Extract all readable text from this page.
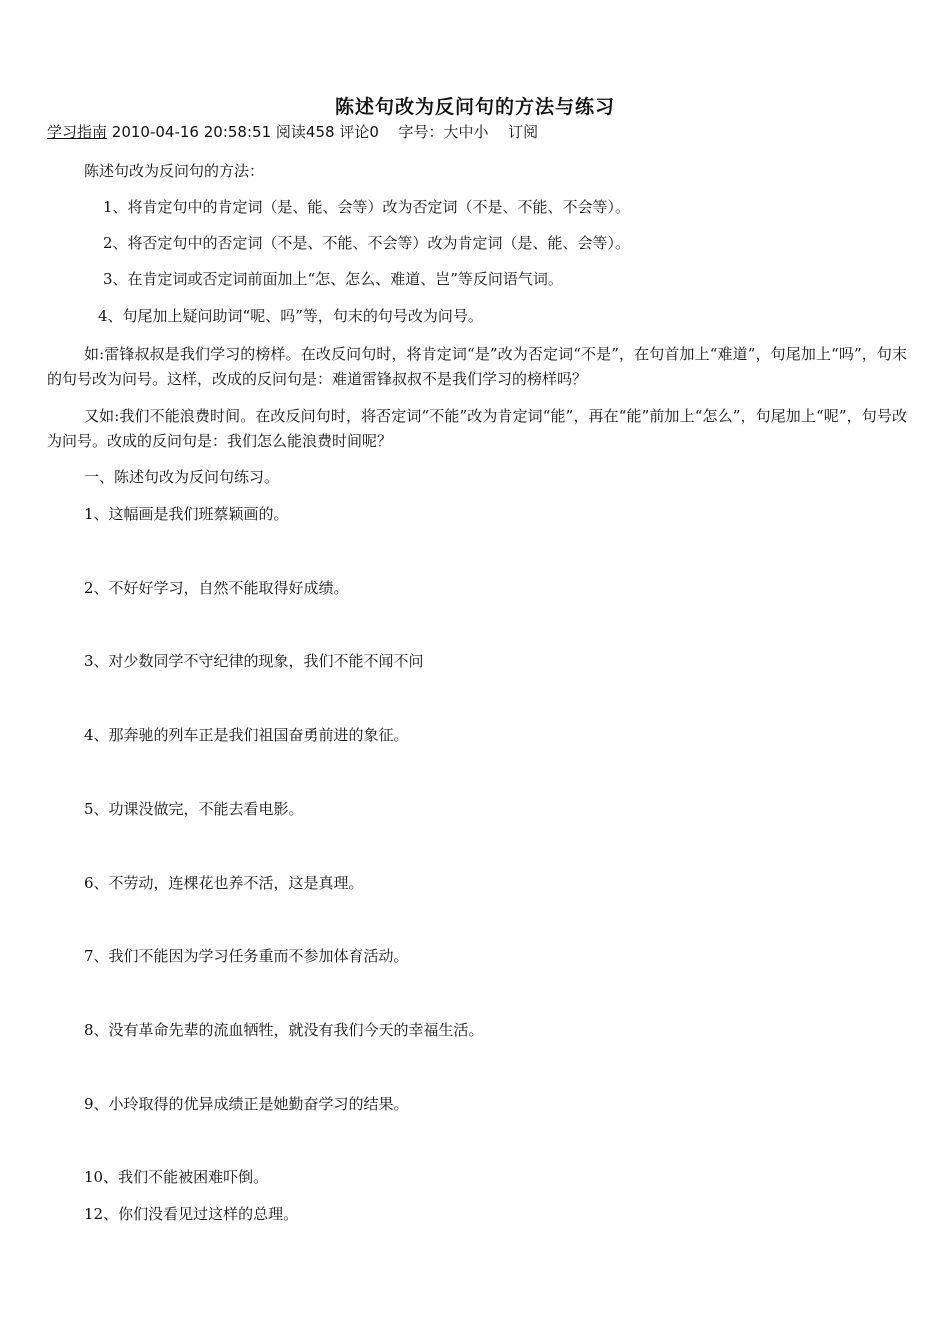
陈述句改为反问句的方法与练习
学习指南 2010-04-16 20:58:51 阅读458 评论0 字号：大中小 订阅
陈述句改为反问句的方法：
1、将肯定句中的肯定词（是、能、会等）改为否定词（不是、不能、不会等）。
2、将否定句中的否定词（不是、不能、不会等）改为肯定词（是、能、会等）。
3、在肯定词或否定词前面加上“怎、怎么、难道、岂”等反问语气词。
4、句尾加上疑问助词“呢、吗”等，句末的句号改为问号。

如:雷锋叔叔是我们学习的榜样。在改反问句时，将肯定词“是”改为否定词“不是”，在句首加上“难道”，句尾加上“吗”，句末的句号改为问号。这样，改成的反问句是：难道雷锋叔叔不是我们学习的榜样吗？

又如:我们不能浪费时间。在改反问句时，将否定词“不能”改为肯定词“能”，再在“能”前加上“怎么”，句尾加上“呢”，句号改为问号。改成的反问句是：我们怎么能浪费时间呢？

一、陈述句改为反问句练习。
1、这幅画是我们班蔡颖画的。
2、不好好学习，自然不能取得好成绩。
3、对少数同学不守纪律的现象，我们不能不闻不问
4、那奔驰的列车正是我们祖国奋勇前进的象征。
5、功课没做完，不能去看电影。
6、不劳动，连棵花也养不活，这是真理。
7、我们不能因为学习任务重而不参加体育活动。
8、没有革命先辈的流血牺牲，就没有我们今天的幸福生活。
9、小玲取得的优异成绩正是她勤奋学习的结果。
10、我们不能被困难吓倒。
12、你们没看见过这样的总理。
